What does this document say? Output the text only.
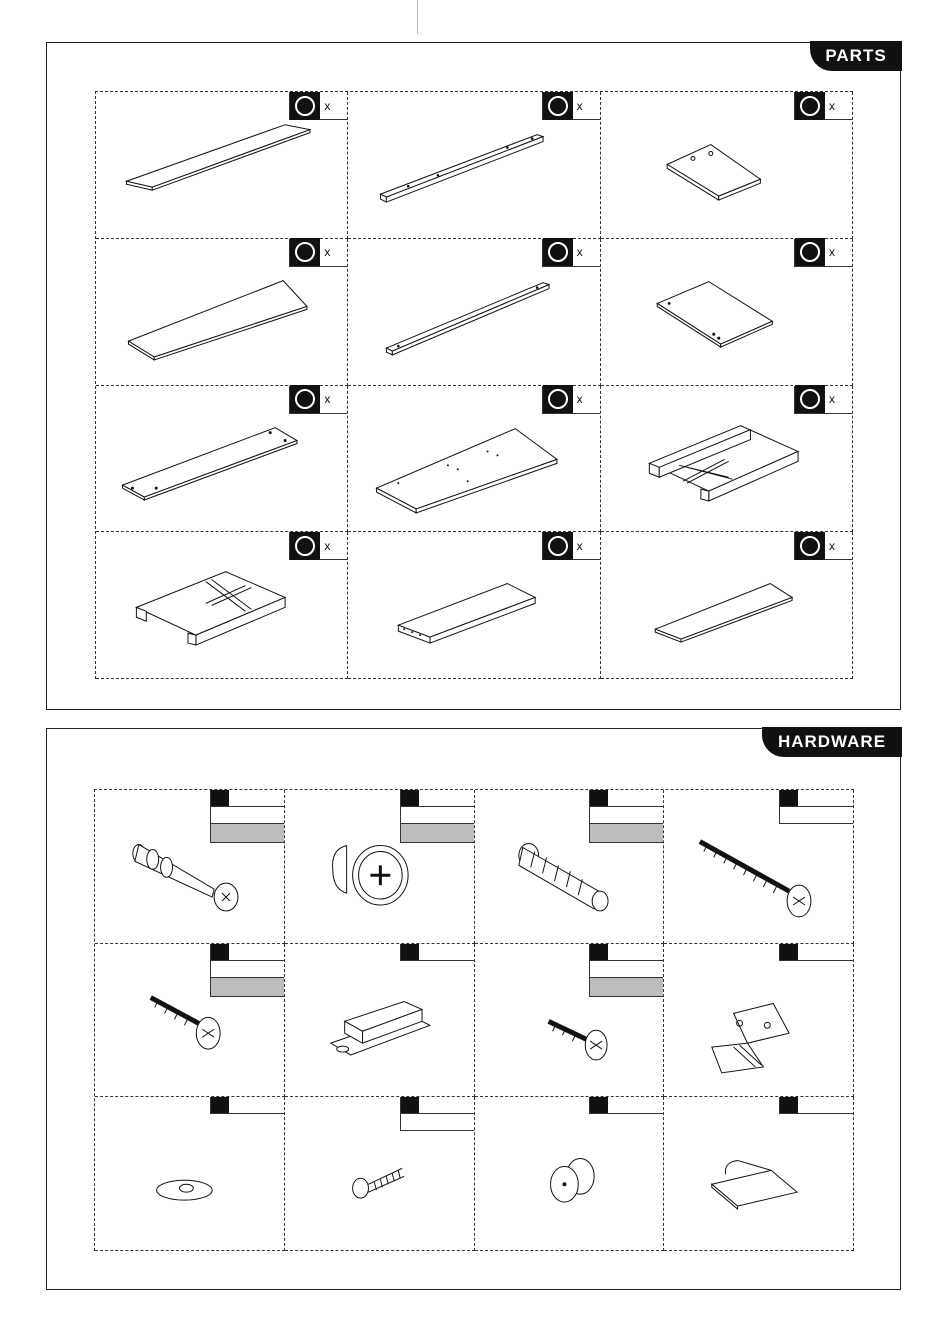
PARTS
x	x	x
x	x	x
x	x	x
x	x	x
HARDWARE
